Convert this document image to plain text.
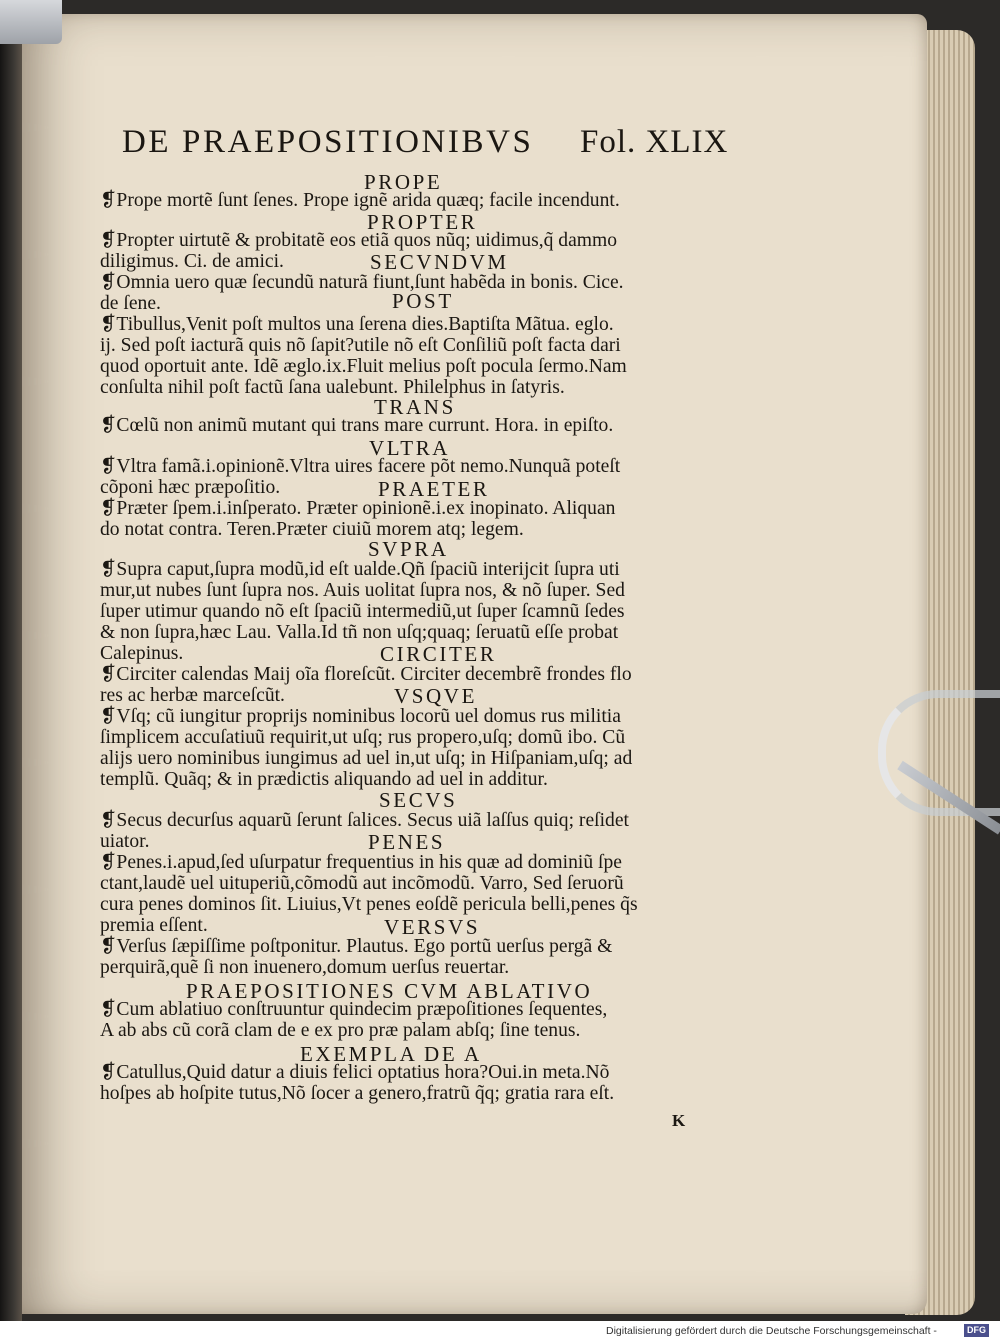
DE PRAEPOSITIONIBVS Fol. XLIX
PROPE
❡Prope mortẽ ſunt ſenes. Prope ignẽ arida quæq; facile incendunt.
PROPTER
❡Propter uirtutẽ & probitatẽ eos etiã quos nũq; uidimus,q̃ dammo
diligimus. Ci. de amici.	SECVNDVM
❡Omnia uero quæ ſecundũ naturã fiunt,ſunt habẽda in bonis. Cice.
de ſene.	POST
❡Tibullus,Venit poſt multos una ſerena dies.Baptiſta Mãtua. eglo.
ij. Sed poſt iacturã quis nõ ſapit?utile nõ eſt Conſiliũ poſt facta dari
quod oportuit ante. Idẽ æglo.ix.Fluit melius poſt pocula ſermo.Nam
conſulta nihil poſt factũ ſana ualebunt. Philelphus in ſatyris.
TRANS
❡Cœlũ non animũ mutant qui trans mare currunt. Hora. in epiſto.
VLTRA
❡Vltra famã.i.opinionẽ.Vltra uires facere põt nemo.Nunquã poteſt
cõponi hæc præpoſitio.	PRAETER
❡Præter ſpem.i.inſperato. Præter opinionẽ.i.ex inopinato. Aliquan
do notat contra. Teren.Præter ciuiũ morem atq; legem.
SVPRA
❡Supra caput,ſupra modũ,id eſt ualde.Qñ ſpaciũ interijcit ſupra uti
mur,ut nubes ſunt ſupra nos. Auis uolitat ſupra nos, & nõ ſuper. Sed
ſuper utimur quando nõ eſt ſpaciũ intermediũ,ut ſuper ſcamnũ ſedes
& non ſupra,hæc Lau. Valla.Id tñ non uſq;quaq; ſeruatũ eſſe probat
Calepinus.	CIRCITER
❡Circiter calendas Maij oĩa floreſcũt. Circiter decembrẽ frondes flo
res ac herbæ marceſcũt.	VSQVE
❡Vſq; cũ iungitur proprijs nominibus locorũ uel domus rus militia
ſimplicem accuſatiuũ requirit,ut uſq; rus propero,uſq; domũ ibo. Cũ
alijs uero nominibus iungimus ad uel in,ut uſq; in Hiſpaniam,uſq; ad
templũ. Quãq; & in prædictis aliquando ad uel in additur.
SECVS
❡Secus decurſus aquarũ ſerunt ſalices. Secus uiã laſſus quiq; reſidet
uiator.	PENES
❡Penes.i.apud,ſed uſurpatur frequentius in his quæ ad dominiũ ſpe
ctant,laudẽ uel uituperiũ,cõmodũ aut incõmodũ. Varro, Sed ſeruorũ
cura penes dominos ſit. Liuius,Vt penes eoſdẽ pericula belli,penes q̃s
premia eſſent.	VERSVS
❡Verſus ſæpiſſime poſtponitur. Plautus. Ego portũ uerſus pergã &
perquirã,quẽ ſi non inuenero,domum uerſus reuertar.
PRAEPOSITIONES CVM ABLATIVO
❡Cum ablatiuo conſtruuntur quindecim præpoſitiones ſequentes,
A ab abs cũ corã clam de e ex pro præ palam abſq; ſine tenus.
EXEMPLA DE A
❡Catullus,Quid datur a diuis felici optatius hora?Oui.in meta.Nõ
hoſpes ab hoſpite tutus,Nõ ſocer a genero,fratrũ q̃q; gratia rara eſt.
K
Digitalisierung gefördert durch die Deutsche Forschungsgemeinschaft -	DFG
